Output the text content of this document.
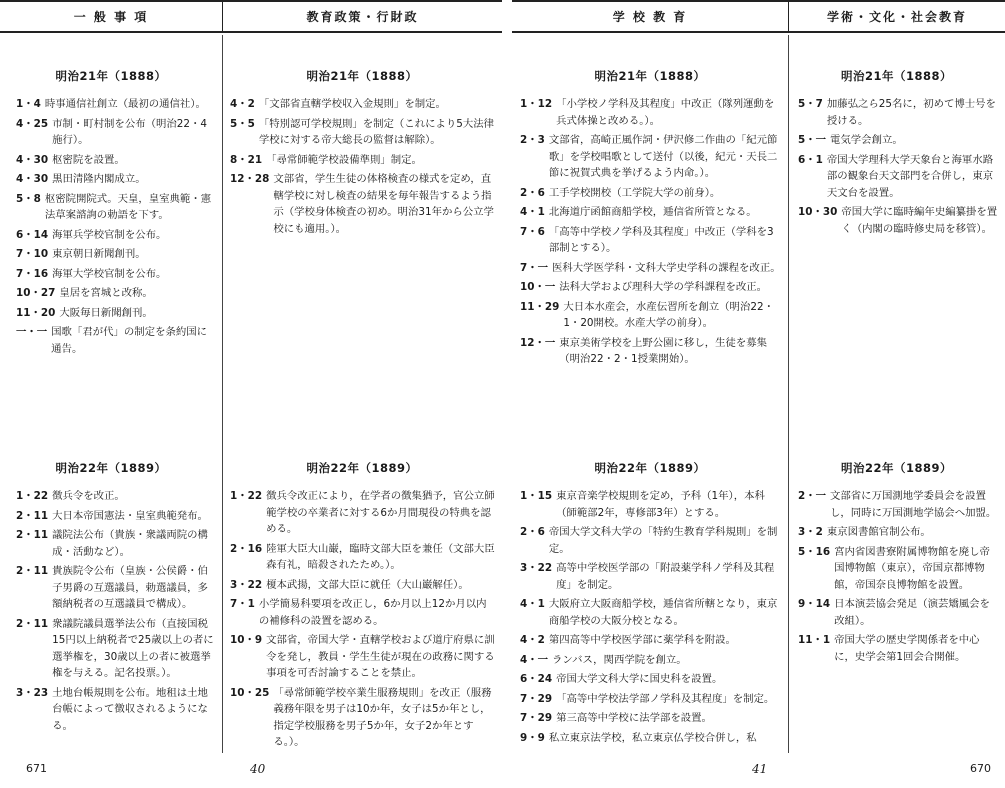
一 般 事 項	教育政策・行財政	学 校 教 育	学術・文化・社会教育
明治21年（1888）	明治21年（1888）	明治21年（1888）	明治21年（1888）
1・4 時事通信社創立（最初の通信社）。
4・25 市制・町村制を公布（明治22・4施行）。
4・30 枢密院を設置。
4・30 黒田清隆内閣成立。
5・8 枢密院開院式。天皇，皇室典範・憲法草案諮詢の勅語を下す。
6・14 海軍兵学校官制を公布。
7・10 東京朝日新聞創刊。
7・16 海軍大学校官制を公布。
10・27 皇居を宮城と改称。
11・20 大阪毎日新聞創刊。
一・一 国歌「君が代」の制定を条約国に通告。
4・2 「文部省直轄学校収入金規則」を制定。
5・5 「特別認可学校規則」を制定（これにより5大法律学校に対する帝大総長の監督は解除）。
8・21 「尋常師範学校設備準則」制定。
12・28 文部省，学生生徒の体格検査の様式を定め，直轄学校に対し検査の結果を毎年報告するよう指示（学校身体検査の初め。明治31年から公立学校にも適用。）。
1・12 「小学校ノ学科及其程度」中改正（隊列運動を兵式体操と改める。）。
2・3 文部省，高崎正風作詞・伊沢修二作曲の「紀元節歌」を学校唱歌として送付（以後，紀元・天長二節に祝賀式典を挙げるよう内命。）。
2・6 工手学校開校（工学院大学の前身）。
4・1 北海道庁函館商船学校，逓信省所管となる。
7・6 「高等中学校ノ学科及其程度」中改正（学科を3部制とする）。
7・一 医科大学医学科・文科大学史学科の課程を改正。
10・一 法科大学および理科大学の学科課程を改正。
11・29 大日本水産会，水産伝習所を創立（明治22・1・20開校。水産大学の前身）。
12・一 東京美術学校を上野公園に移し，生徒を募集（明治22・2・1授業開始）。
5・7 加藤弘之ら25名に，初めて博士号を授ける。
5・一 電気学会創立。
6・1 帝国大学理科大学天象台と海軍水路部の観象台天文部門を合併し，東京天文台を設置。
10・30 帝国大学に臨時編年史編纂掛を置く（内閣の臨時修史局を移管）。
明治22年（1889）	明治22年（1889）	明治22年（1889）	明治22年（1889）
1・22 徴兵令を改正。
2・11 大日本帝国憲法・皇室典範発布。
2・11 議院法公布（貴族・衆議両院の構成・活動など）。
2・11 貴族院令公布（皇族・公侯爵・伯子男爵の互選議員，勅選議員，多額納税者の互選議員で構成）。
2・11 衆議院議員選挙法公布（直接国税15円以上納税者で25歳以上の者に選挙権を，30歳以上の者に被選挙権を与える。記名投票。）。
3・23 土地台帳規則を公布。地租は土地台帳によって徴収されるようになる。
1・22 徴兵令改正により，在学者の徴集猶予，官公立師範学校の卒業者に対する6か月間現役の特典を認める。
2・16 陸軍大臣大山巌，臨時文部大臣を兼任（文部大臣森有礼，暗殺されたため。）。
3・22 榎本武揚，文部大臣に就任（大山巌解任）。
7・1 小学簡易科要項を改正し，6か月以上12か月以内の補修科の設置を認める。
10・9 文部省，帝国大学・直轄学校および道庁府県に訓令を発し，教員・学生生徒が現在の政務に関する事項を可否討論することを禁止。
10・25 「尋常師範学校卒業生服務規則」を改正（服務義務年限を男子は10か年，女子は5か年とし，指定学校服務を男子5か年，女子2か年とする。）。
1・15 東京音楽学校規則を定め，予科（1年），本科（師範部2年，専修部3年）とする。
2・6 帝国大学文科大学の「特約生教育学科規則」を制定。
3・22 高等中学校医学部の「附設薬学科ノ学科及其程度」を制定。
4・1 大阪府立大阪商船学校，逓信省所轄となり，東京商船学校の大阪分校となる。
4・2 第四高等中学校医学部に薬学科を附設。
4・一 ランバス，関西学院を創立。
6・24 帝国大学文科大学に国史科を設置。
7・29 「高等中学校法学部ノ学科及其程度」を制定。
7・29 第三高等中学校に法学部を設置。
9・9 私立東京法学校，私立東京仏学校合併し，私
2・一 文部省に万国測地学委員会を設置し，同時に万国測地学協会へ加盟。
3・2 東京図書館官制公布。
5・16 宮内省図書寮附属博物館を廃し帝国博物館（東京），帝国京都博物館，帝国奈良博物館を設置。
9・14 日本演芸協会発足（演芸矯風会を改組）。
11・1 帝国大学の歴史学関係者を中心に，史学会第1回会合開催。
671	40	41	670
